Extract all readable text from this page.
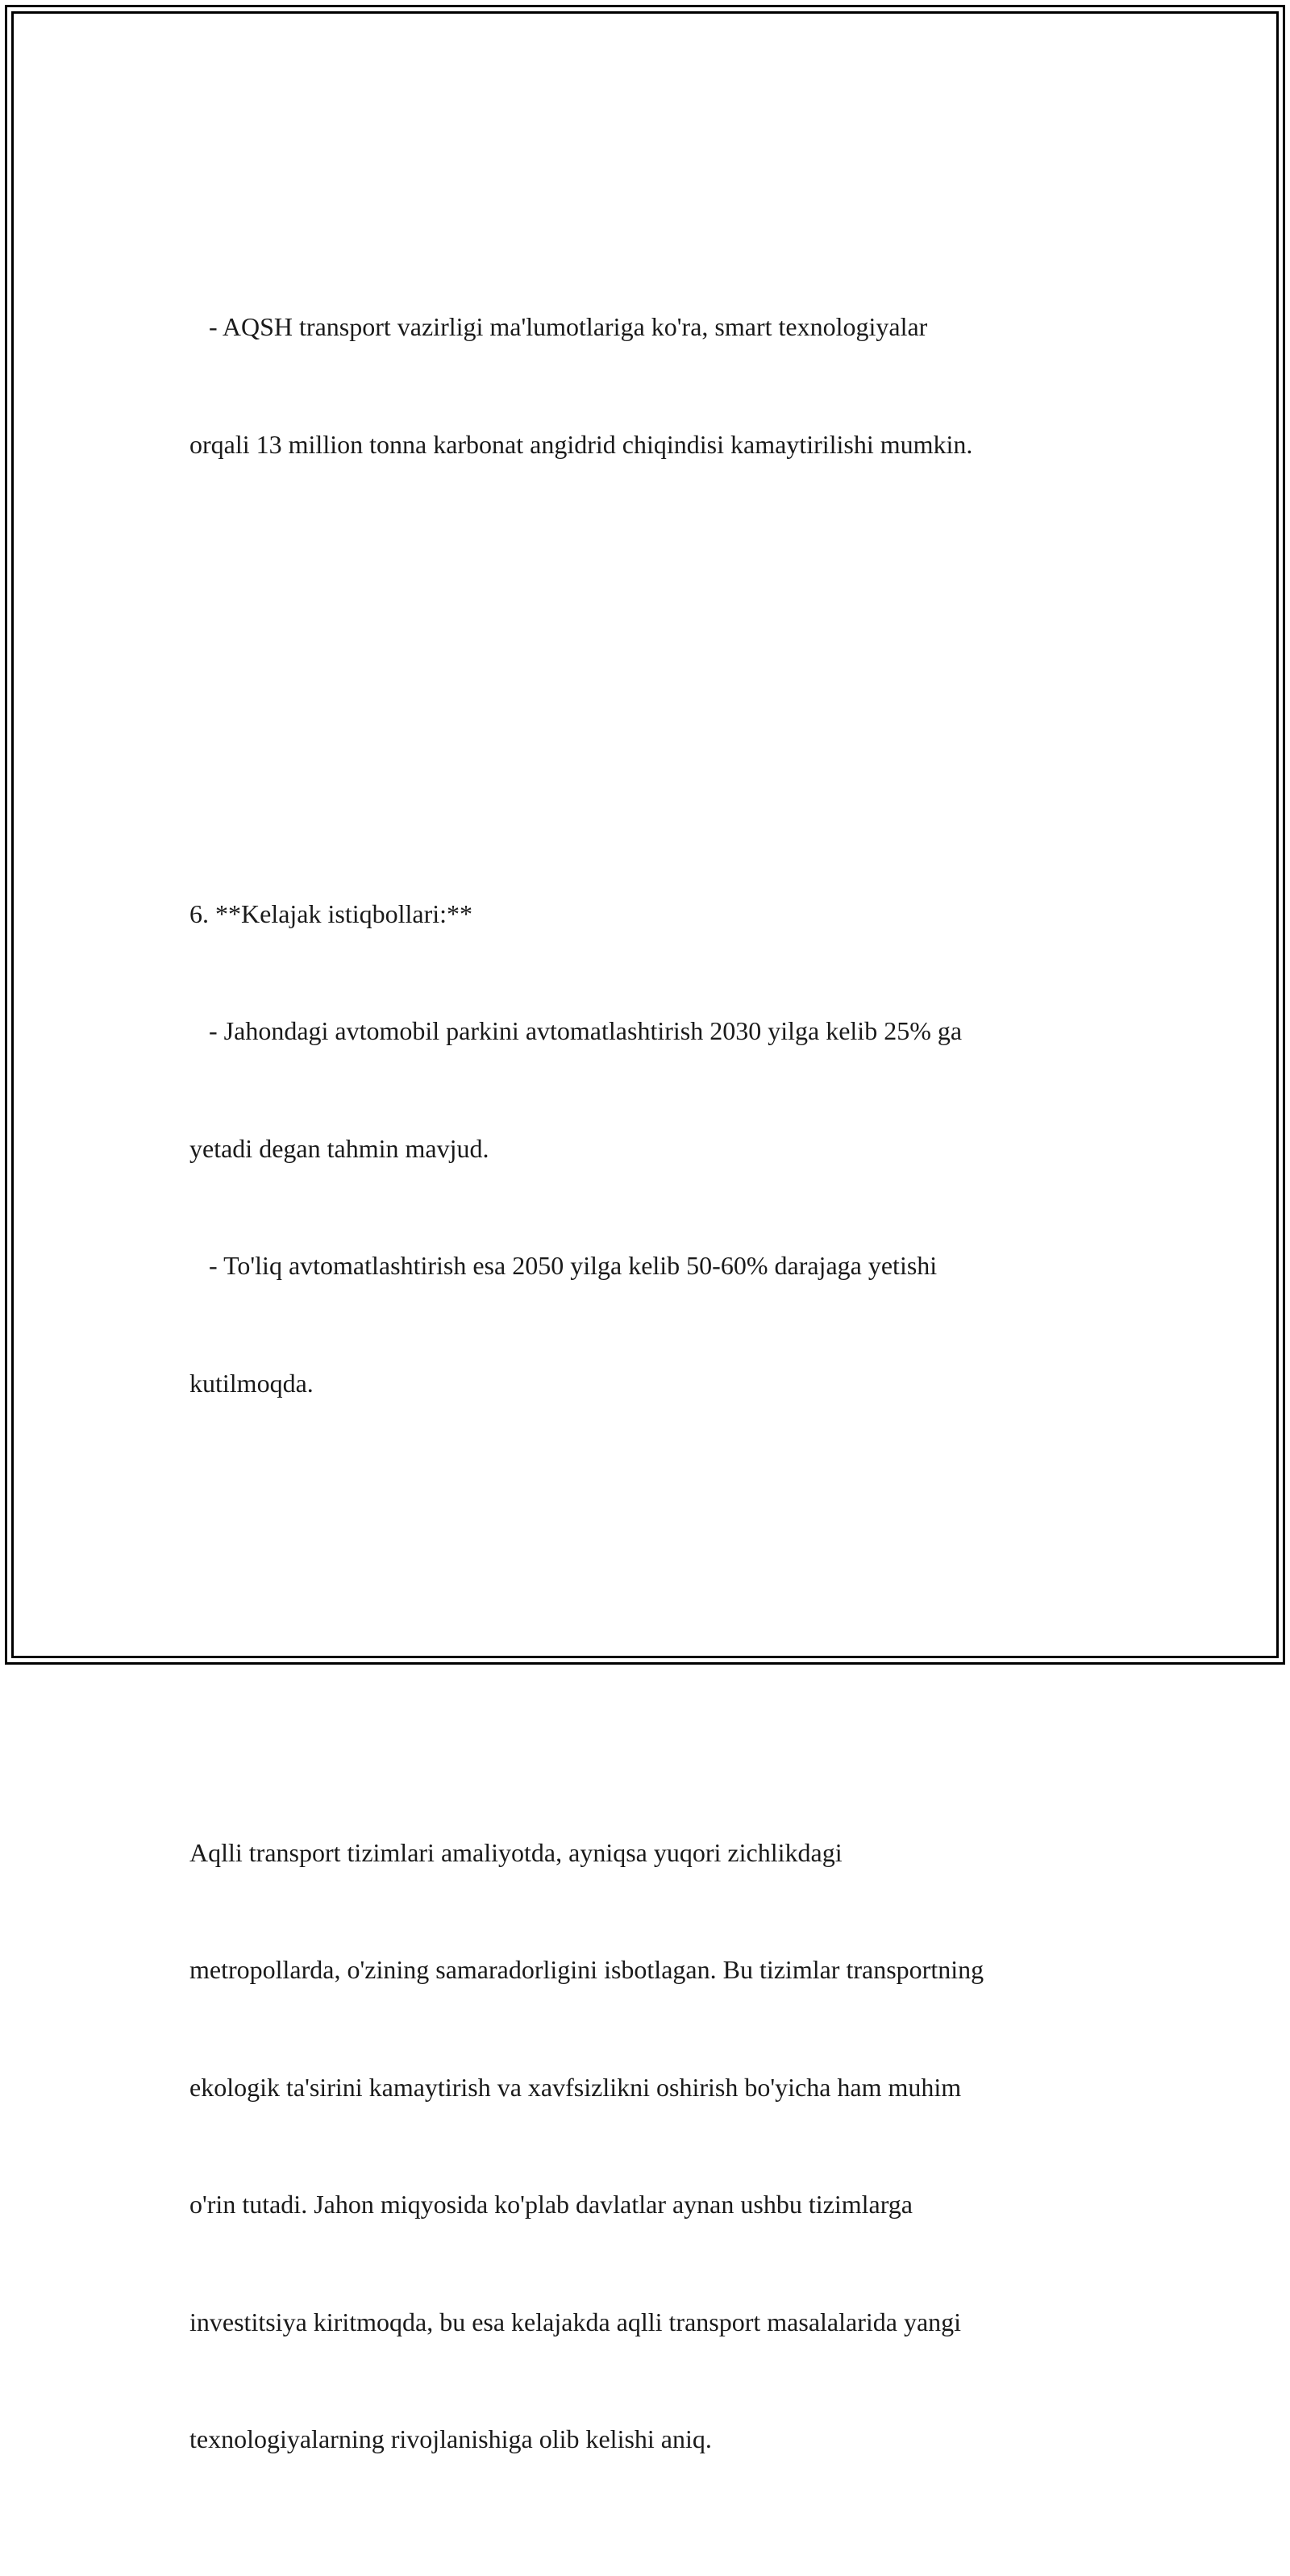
- AQSH transport vazirligi ma'lumotlariga ko'ra, smart texnologiyalar

orqali 13 million tonna karbonat angidrid chiqindisi kamaytirilishi mumkin.

6. **Kelajak istiqbollari:**

- Jahondagi avtomobil parkini avtomatlashtirish 2030 yilga kelib 25% ga

yetadi degan tahmin mavjud.

- To'liq avtomatlashtirish esa 2050 yilga kelib 50-60% darajaga yetishi

kutilmoqda.

Aqlli transport tizimlari amaliyotda, ayniqsa yuqori zichlikdagi

metropollarda, o'zining samaradorligini isbotlagan. Bu tizimlar transportning

ekologik ta'sirini kamaytirish va xavfsizlikni oshirish bo'yicha ham muhim

o'rin tutadi. Jahon miqyosida ko'plab davlatlar aynan ushbu tizimlarga

investitsiya kiritmoqda, bu esa kelajakda aqlli transport masalalarida yangi

texnologiyalarning rivojlanishiga olib kelishi aniq.
